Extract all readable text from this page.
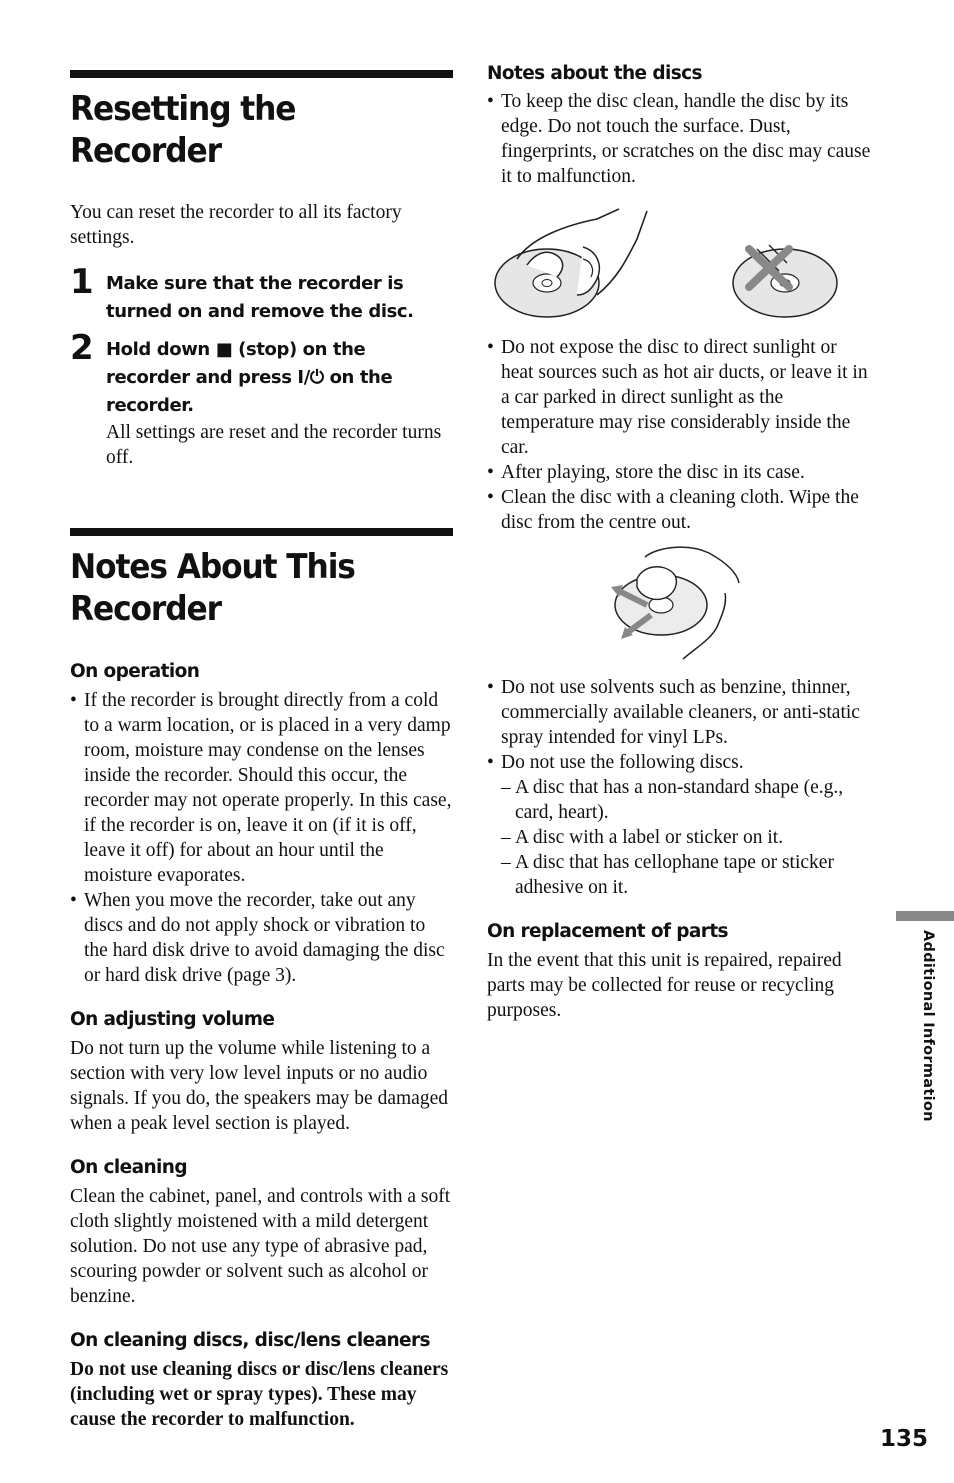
Resetting the Recorder

You can reset the recorder to all its factory settings.

1 Make sure that the recorder is turned on and remove the disc.
2 Hold down ■ (stop) on the recorder and press I/⏻ on the recorder.
All settings are reset and the recorder turns off.
Notes About This Recorder
On operation
• If the recorder is brought directly from a cold to a warm location, or is placed in a very damp room, moisture may condense on the lenses inside the recorder. Should this occur, the recorder may not operate properly. In this case, if the recorder is on, leave it on (if it is off, leave it off) for about an hour until the moisture evaporates.
• When you move the recorder, take out any discs and do not apply shock or vibration to the hard disk drive to avoid damaging the disc or hard disk drive (page 3).
On adjusting volume

Do not turn up the volume while listening to a section with very low level inputs or no audio signals. If you do, the speakers may be damaged when a peak level section is played.

On cleaning

Clean the cabinet, panel, and controls with a soft cloth slightly moistened with a mild detergent solution. Do not use any type of abrasive pad, scouring powder or solvent such as alcohol or benzine.

On cleaning discs, disc/lens cleaners

Do not use cleaning discs or disc/lens cleaners (including wet or spray types). These may cause the recorder to malfunction.

Notes about the discs
• To keep the disc clean, handle the disc by its edge. Do not touch the surface. Dust, fingerprints, or scratches on the disc may cause it to malfunction.
• Do not expose the disc to direct sunlight or heat sources such as hot air ducts, or leave it in a car parked in direct sunlight as the temperature may rise considerably inside the car.
• After playing, store the disc in its case.
• Clean the disc with a cleaning cloth. Wipe the disc from the centre out.
• Do not use solvents such as benzine, thinner, commercially available cleaners, or anti-static spray intended for vinyl LPs.
• Do not use the following discs.
– A disc that has a non-standard shape (e.g., card, heart).
– A disc with a label or sticker on it.
– A disc that has cellophane tape or sticker adhesive on it.
On replacement of parts

In the event that this unit is repaired, repaired parts may be collected for reuse or recycling purposes.	Additional Information
135
